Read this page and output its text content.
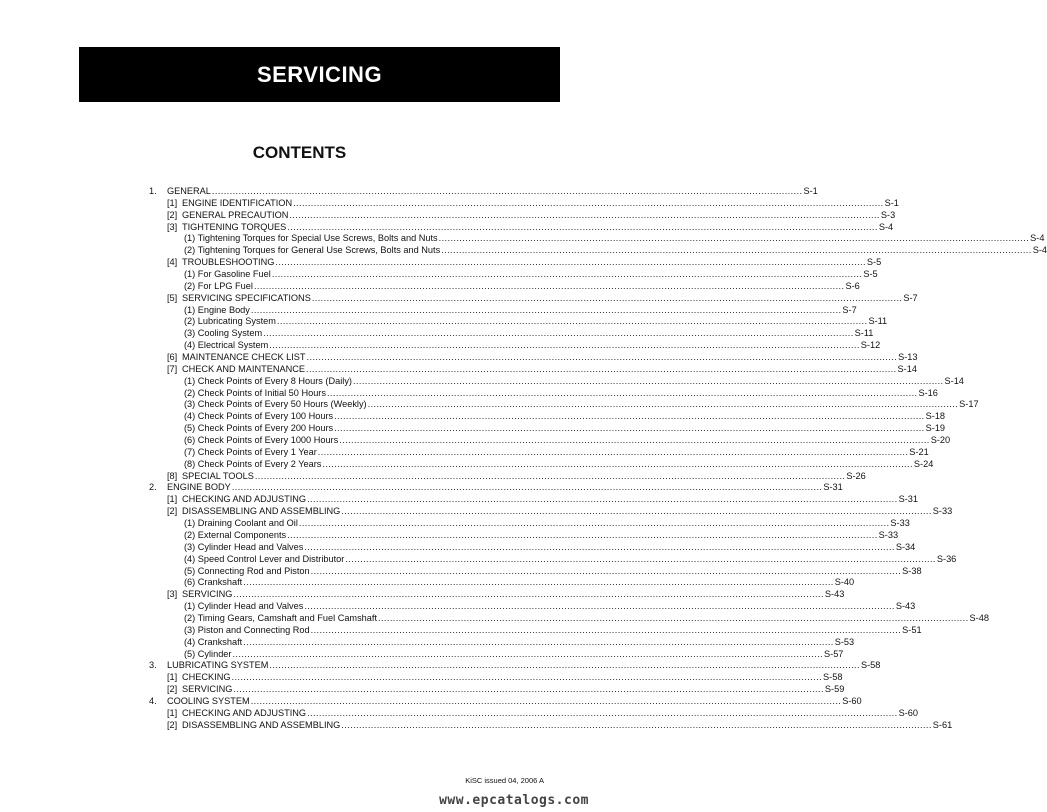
SERVICING
CONTENTS
1.	GENERAL ........................................................................................................................................................................................................ S-1
[1] ENGINE IDENTIFICATION ........................................................................................................................................................................................................ S-1
[2] GENERAL PRECAUTION ........................................................................................................................................................................................................ S-3
[3] TIGHTENING TORQUES ........................................................................................................................................................................................................ S-4
(1) Tightening Torques for Special Use Screws, Bolts and Nuts ........................................................................................................................................................................................................ S-4
(2) Tightening Torques for General Use Screws, Bolts and Nuts ........................................................................................................................................................................................................ S-4
[4] TROUBLESHOOTING ........................................................................................................................................................................................................ S-5
(1) For Gasoline Fuel ........................................................................................................................................................................................................ S-5
(2) For LPG Fuel ........................................................................................................................................................................................................ S-6
[5] SERVICING SPECIFICATIONS ........................................................................................................................................................................................................ S-7
(1) Engine Body ........................................................................................................................................................................................................ S-7
(2) Lubricating System ........................................................................................................................................................................................................ S-11
(3) Cooling System ........................................................................................................................................................................................................ S-11
(4) Electrical System ........................................................................................................................................................................................................ S-12
[6] MAINTENANCE CHECK LIST ........................................................................................................................................................................................................ S-13
[7] CHECK AND MAINTENANCE ........................................................................................................................................................................................................ S-14
(1) Check Points of Every 8 Hours (Daily) ........................................................................................................................................................................................................ S-14
(2) Check Points of Initial 50 Hours ........................................................................................................................................................................................................ S-16
(3) Check Points of Every 50 Hours (Weekly) ........................................................................................................................................................................................................ S-17
(4) Check Points of Every 100 Hours ........................................................................................................................................................................................................ S-18
(5) Check Points of Every 200 Hours ........................................................................................................................................................................................................ S-19
(6) Check Points of Every 1000 Hours ........................................................................................................................................................................................................ S-20
(7) Check Points of Every 1 Year ........................................................................................................................................................................................................ S-21
(8) Check Points of Every 2 Years ........................................................................................................................................................................................................ S-24
[8] SPECIAL TOOLS ........................................................................................................................................................................................................ S-26
2.	ENGINE BODY ........................................................................................................................................................................................................ S-31
[1] CHECKING AND ADJUSTING ........................................................................................................................................................................................................ S-31
[2] DISASSEMBLING AND ASSEMBLING ........................................................................................................................................................................................................ S-33
(1) Draining Coolant and Oil ........................................................................................................................................................................................................ S-33
(2) External Components ........................................................................................................................................................................................................ S-33
(3) Cylinder Head and Valves ........................................................................................................................................................................................................ S-34
(4) Speed Control Lever and Distributor ........................................................................................................................................................................................................ S-36
(5) Connecting Rod and Piston ........................................................................................................................................................................................................ S-38
(6) Crankshaft ........................................................................................................................................................................................................ S-40
[3] SERVICING ........................................................................................................................................................................................................ S-43
(1) Cylinder Head and Valves ........................................................................................................................................................................................................ S-43
(2) Timing Gears, Camshaft and Fuel Camshaft ........................................................................................................................................................................................................ S-48
(3) Piston and Connecting Rod ........................................................................................................................................................................................................ S-51
(4) Crankshaft ........................................................................................................................................................................................................ S-53
(5) Cylinder ........................................................................................................................................................................................................ S-57
3.	LUBRICATING SYSTEM ........................................................................................................................................................................................................ S-58
[1] CHECKING ........................................................................................................................................................................................................ S-58
[2] SERVICING ........................................................................................................................................................................................................ S-59
4.	COOLING SYSTEM ........................................................................................................................................................................................................ S-60
[1] CHECKING AND ADJUSTING ........................................................................................................................................................................................................ S-60
[2] DISASSEMBLING AND ASSEMBLING ........................................................................................................................................................................................................ S-61
KiSC issued 04, 2006 A
www.epcatalogs.com
